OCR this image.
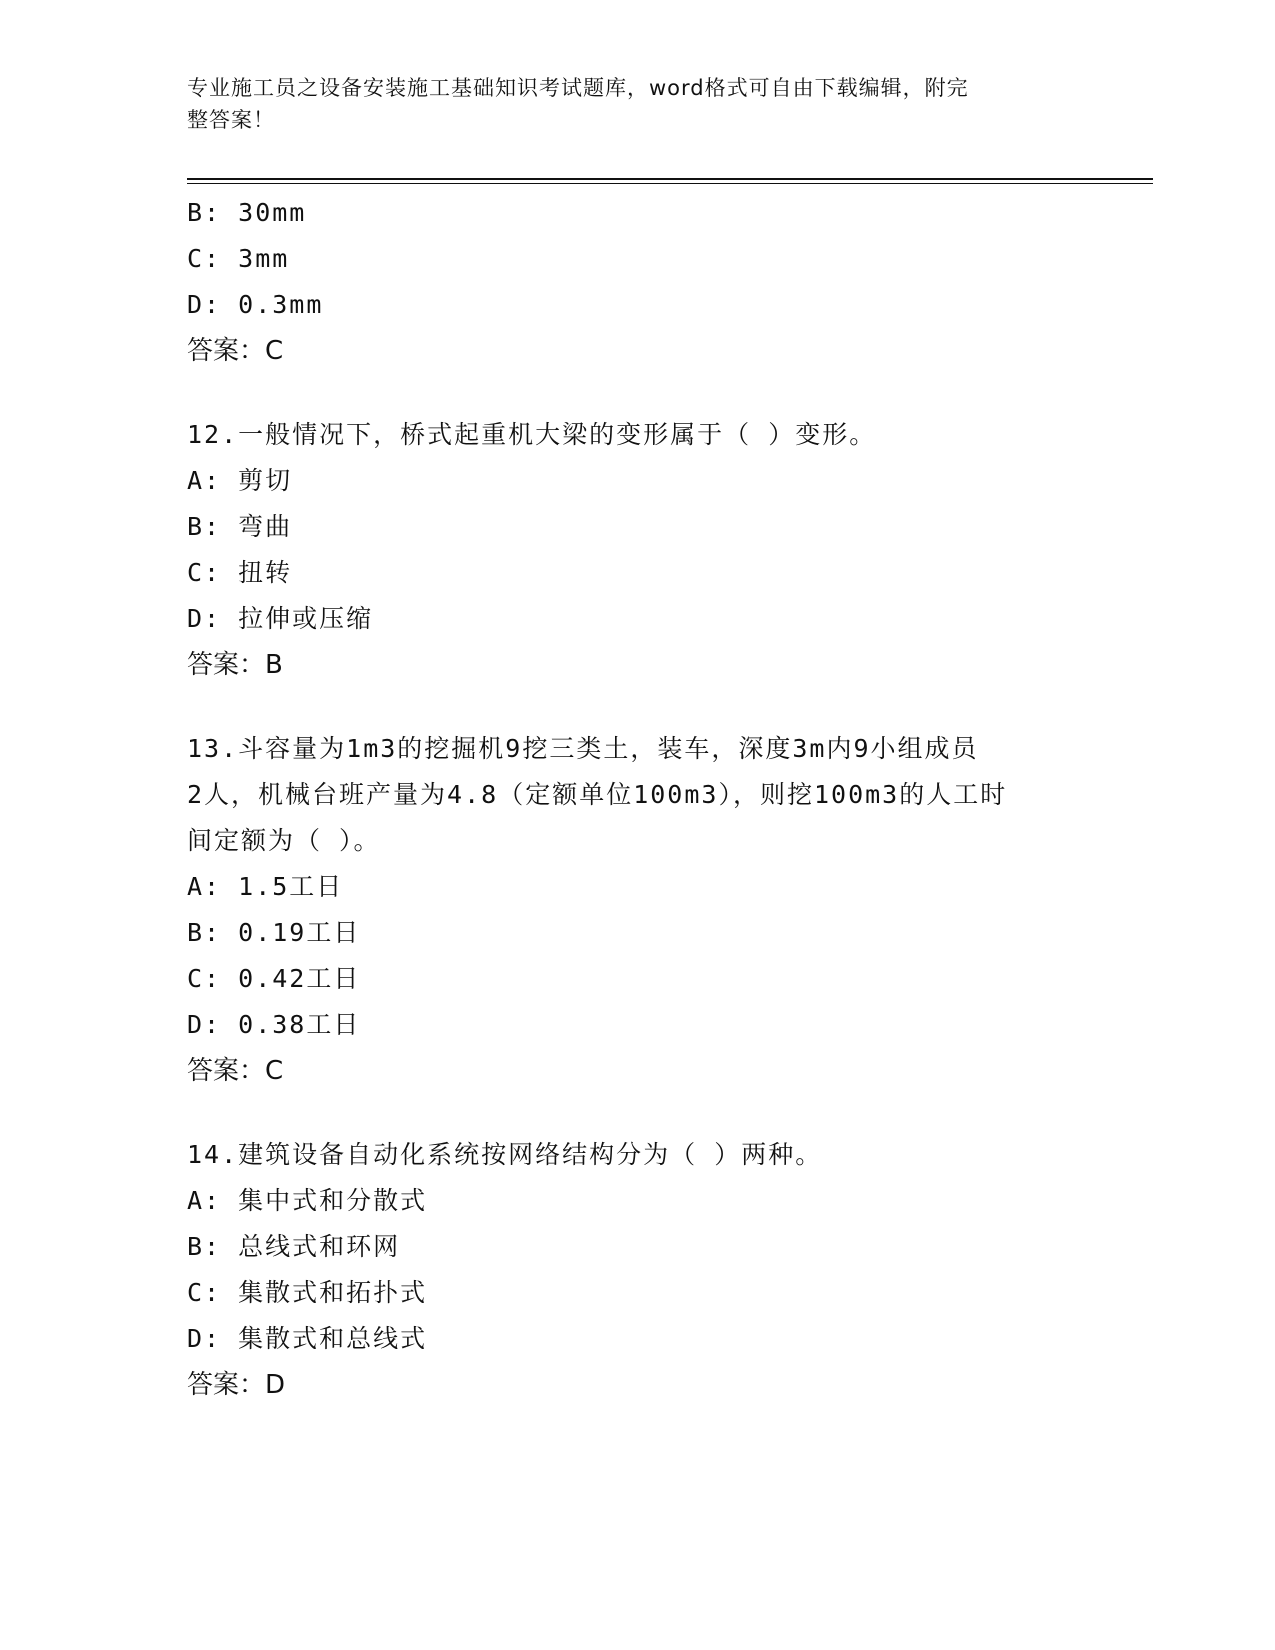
专业施工员之设备安装施工基础知识考试题库，word格式可自由下载编辑，附完
整答案！
B: 30mm
C: 3mm
D: 0.3mm
答案：C
12.一般情况下，桥式起重机大梁的变形属于（ ）变形。
A: 剪切
B: 弯曲
C: 扭转
D: 拉伸或压缩
答案：B
13.斗容量为1m3的挖掘机9挖三类土，装车，深度3m内9小组成员
2人，机械台班产量为4.8（定额单位100m3），则挖100m3的人工时
间定额为（ ）。
A: 1.5工日
B: 0.19工日
C: 0.42工日
D: 0.38工日
答案：C
14.建筑设备自动化系统按网络结构分为（ ）两种。
A: 集中式和分散式
B: 总线式和环网
C: 集散式和拓扑式
D: 集散式和总线式
答案：D
